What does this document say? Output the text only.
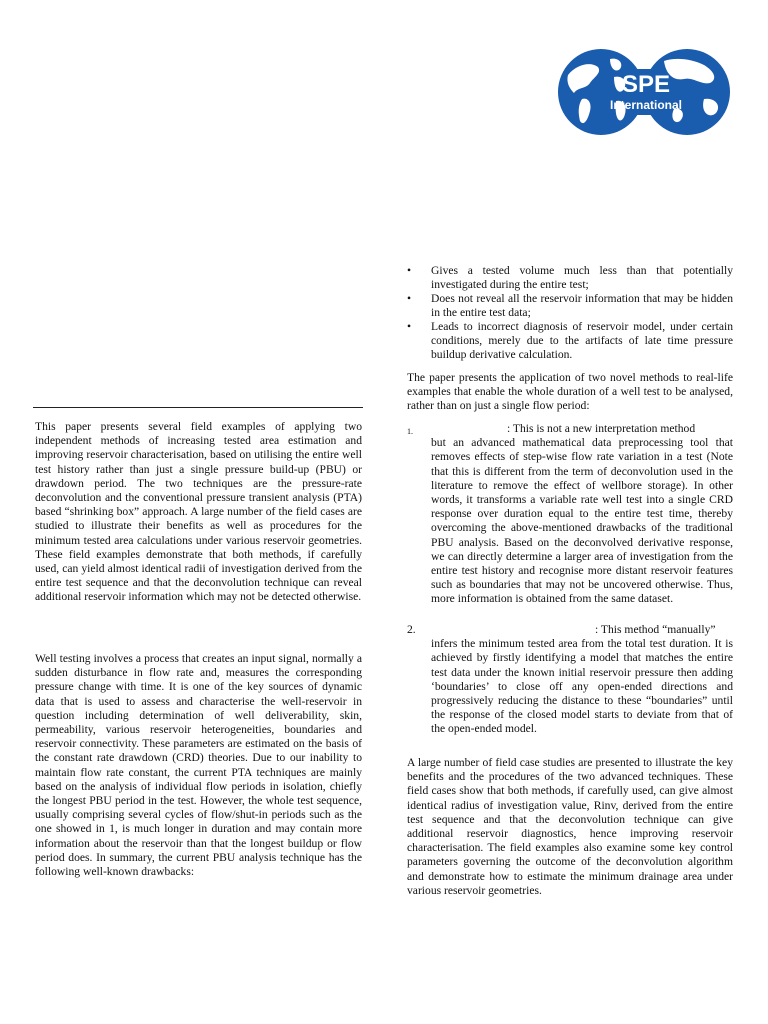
SPE
International
•	Gives a tested volume much less than that potentially investigated during the entire test;
•	Does not reveal all the reservoir information that may be hidden in the entire test data;
•	Leads to incorrect diagnosis of reservoir model, under certain conditions, merely due to the artifacts of late time pressure buildup derivative calculation.

The paper presents the application of two novel methods to real-life examples that enable the whole duration of a well test to be analysed, rather than on just a single flow period:

1.	: This is not a new interpretation method
but an advanced mathematical data preprocessing tool that removes effects of step-wise flow rate variation in a test (Note that this is different from the term of deconvolution used in the literature to remove the effect of wellbore storage). In other words, it transforms a variable rate well test into a single CRD response over duration equal to the entire test time, thereby overcoming the above-mentioned drawbacks of the traditional PBU analysis. Based on the deconvolved derivative response, we can directly determine a larger area of investigation from the entire test history and recognise more distant reservoir features such as boundaries that may not be uncovered otherwise. Thus, more information is obtained from the same dataset.
2.	: This method “manually”
infers the minimum tested area from the total test duration. It is achieved by firstly identifying a model that matches the entire test data under the known initial reservoir pressure then adding ‘boundaries’ to close off any open-ended directions and progressively reducing the distance to these “boundaries” until the response of the closed model starts to deviate from that of the open-ended model.

A large number of field case studies are presented to illustrate the key benefits and the procedures of the two advanced techniques. These field cases show that both methods, if carefully used, can give almost identical radius of investigation value, Rinv, derived from the entire test sequence and that the deconvolution technique can give additional reservoir diagnostics, hence improving reservoir characterisation. The field examples also examine some key control parameters governing the outcome of the deconvolution algorithm and demonstrate how to estimate the minimum drainage area under various reservoir geometries.

This paper presents several field examples of applying two independent methods of increasing tested area estimation and improving reservoir characterisation, based on utilising the entire well test history rather than just a single pressure build-up (PBU) or drawdown period. The two techniques are the pressure-rate deconvolution and the conventional pressure transient analysis (PTA) based “shrinking box” approach. A large number of the field cases are studied to illustrate their benefits as well as procedures for the minimum tested area calculations under various reservoir geometries. These field examples demonstrate that both methods, if carefully used, can yield almost identical radii of investigation derived from the entire test sequence and that the deconvolution technique can reveal additional reservoir information which may not be detected otherwise.

Well testing involves a process that creates an input signal, normally a sudden disturbance in flow rate and, measures the corresponding pressure change with time. It is one of the key sources of dynamic data that is used to assess and characterise the well-reservoir in question including determination of well deliverability, skin, permeability, various reservoir heterogeneities, boundaries and reservoir connectivity. These parameters are estimated on the basis of the constant rate drawdown (CRD) theories. Due to our inability to maintain flow rate constant, the current PTA techniques are mainly based on the analysis of individual flow periods in isolation, chiefly the longest PBU period in the test. However, the whole test sequence, usually comprising several cycles of flow/shut-in periods such as the one showed in 1, is much longer in duration and may contain more information about the reservoir than that the longest buildup or flow period does. In summary, the current PBU analysis technique has the following well-known drawbacks:
